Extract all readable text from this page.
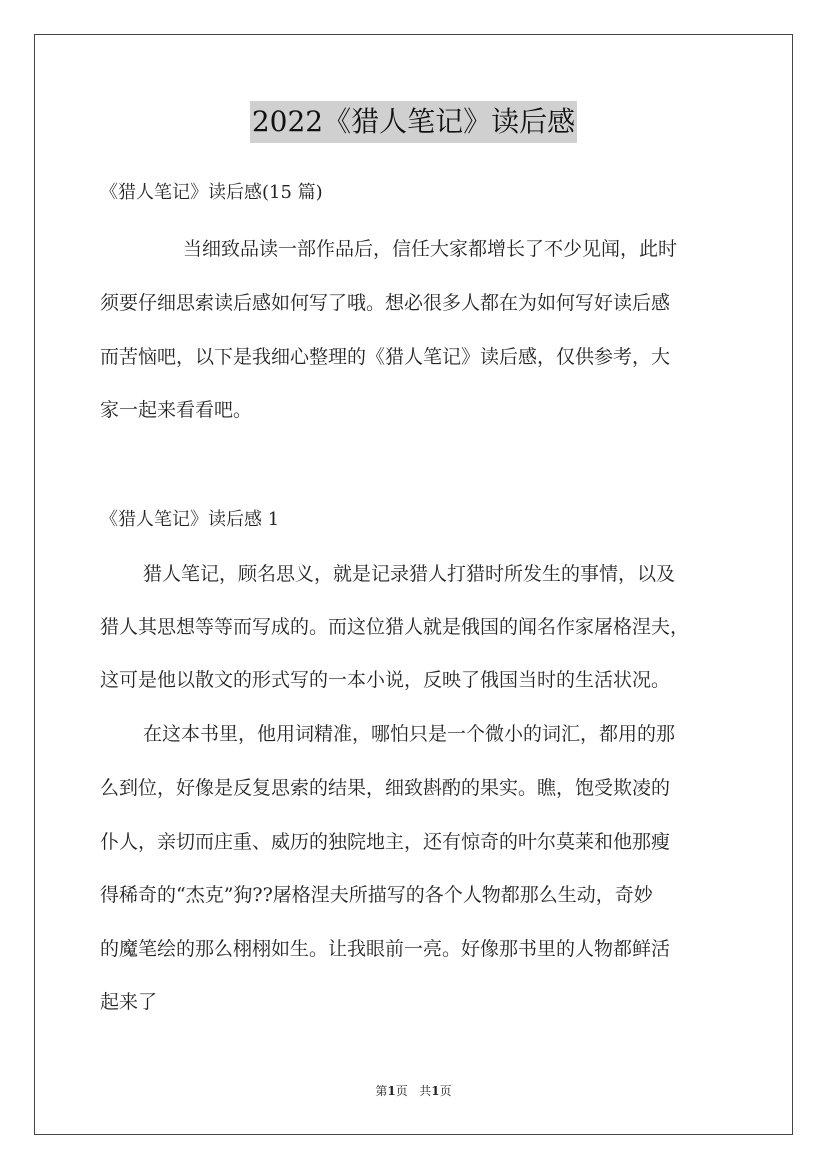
2022《猎人笔记》读后感
《猎人笔记》读后感(15 篇)
当细致品读一部作品后，信任大家都增长了不少见闻，此时
须要仔细思索读后感如何写了哦。想必很多人都在为如何写好读后感
而苦恼吧，以下是我细心整理的《猎人笔记》读后感，仅供参考，大
家一起来看看吧。
《猎人笔记》读后感 1
猎人笔记，顾名思义，就是记录猎人打猎时所发生的事情，以及
猎人其思想等等而写成的。而这位猎人就是俄国的闻名作家屠格涅夫，
这可是他以散文的形式写的一本小说，反映了俄国当时的生活状况。
在这本书里，他用词精准，哪怕只是一个微小的词汇，都用的那
么到位，好像是反复思索的结果，细致斟酌的果实。瞧，饱受欺凌的
仆人，亲切而庄重、威历的独院地主，还有惊奇的叶尔莫莱和他那瘦
得稀奇的“杰克”狗??屠格涅夫所描写的各个人物都那么生动，奇妙
的魔笔绘的那么栩栩如生。让我眼前一亮。好像那书里的人物都鲜活
起来了
第1页 共1页
